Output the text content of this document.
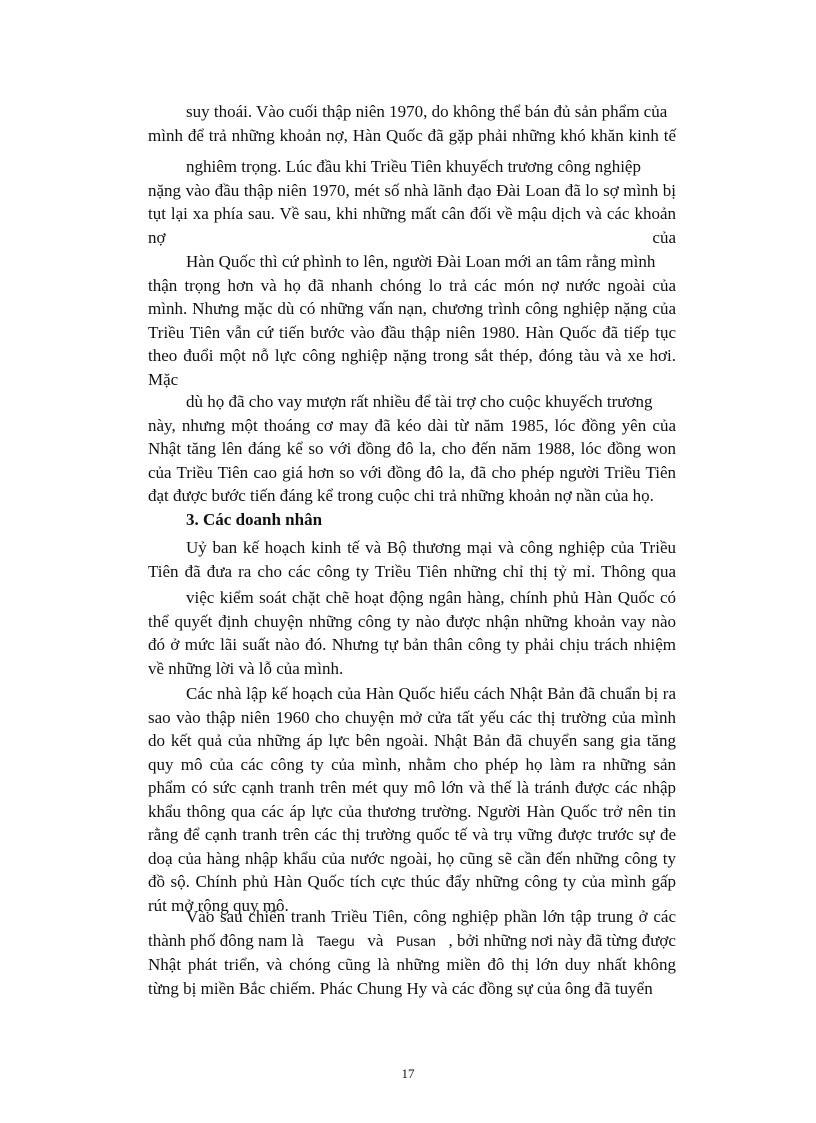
suy thoái. Vào cuối thập niên 1970, do không thể bán đủ sản phẩm của
mình để trả những khoản nợ, Hàn Quốc đã gặp phải những khó khăn kinh tế
nghiêm trọng. Lúc đầu khi Triều Tiên khuyếch trương công nghiệp
nặng vào đầu thập niên 1970, mét số nhà lãnh đạo Đài Loan đã lo sợ mình bị
tụt lại xa phía sau. Về sau, khi những mất cân đối về mậu dịch và các khoản
nợ	của
Hàn Quốc thì cứ phình to lên, người Đài Loan mới an tâm rằng mình
thận trọng hơn và họ đã nhanh chóng lo trả các món nợ nước ngoài của
mình. Nhưng mặc dù có những vấn nạn, chương trình công nghiệp nặng của
Triều Tiên vẫn cứ tiến bước vào đầu thập niên 1980. Hàn Quốc đã tiếp tục
theo đuổi một nỗ lực công nghiệp nặng trong sắt thép, đóng tàu và xe hơi.
Mặc
dù họ đã cho vay mượn rất nhiều để tài trợ cho cuộc khuyếch trương
này, nhưng một thoáng cơ may đã kéo dài từ năm 1985, lóc đồng yên của
Nhật tăng lên đáng kể so với đồng đô la, cho đến năm 1988, lóc đồng won
của Triều Tiên cao giá hơn so với đồng đô la, đã cho phép người Triều Tiên
đạt được bước tiến đáng kể trong cuộc chi trả những khoản nợ nần của họ.
3. Các doanh nhân
Uỷ ban kế hoạch kinh tế và Bộ thương mại và công nghiệp của Triều
Tiên đã đưa ra cho các công ty Triều Tiên những chỉ thị tỷ mỉ. Thông qua
việc kiểm soát chặt chẽ hoạt động ngân hàng, chính phủ Hàn Quốc có
thể quyết định chuyện những công ty nào được nhận những khoản vay nào
đó ở mức lãi suất nào đó. Nhưng tự bản thân công ty phải chịu trách nhiệm
về những lời và lỗ của mình.
Các nhà lập kế hoạch của Hàn Quốc hiểu cách Nhật Bản đã chuẩn bị ra
sao vào thập niên 1960 cho chuyện mở cửa tất yếu các thị trường của mình
do kết quả của những áp lực bên ngoài. Nhật Bản đã chuyển sang gia tăng
quy mô của các công ty của mình, nhằm cho phép họ làm ra những sản
phẩm có sức cạnh tranh trên mét quy mô lớn và thế là tránh được các nhập
khẩu thông qua các áp lực của thương trường. Người Hàn Quốc trở nên tin
rằng để cạnh tranh trên các thị trường quốc tế và trụ vững được trước sự đe
doạ của hàng nhập khẩu của nước ngoài, họ cũng sẽ cần đến những công ty
đồ sộ. Chính phủ Hàn Quốc tích cực thúc đẩy những công ty của mình gấp
rút mở rộng quy mô.
Vào sau chiến tranh Triều Tiên, công nghiệp phần lớn tập trung ở các
thành phố đông nam là Taegu và Pusan , bởi những nơi này đã từng được
Nhật phát triển, và chóng cũng là những miền đô thị lớn duy nhất không
từng bị miền Bắc chiếm. Phác Chung Hy và các đồng sự của ông đã tuyển
17
